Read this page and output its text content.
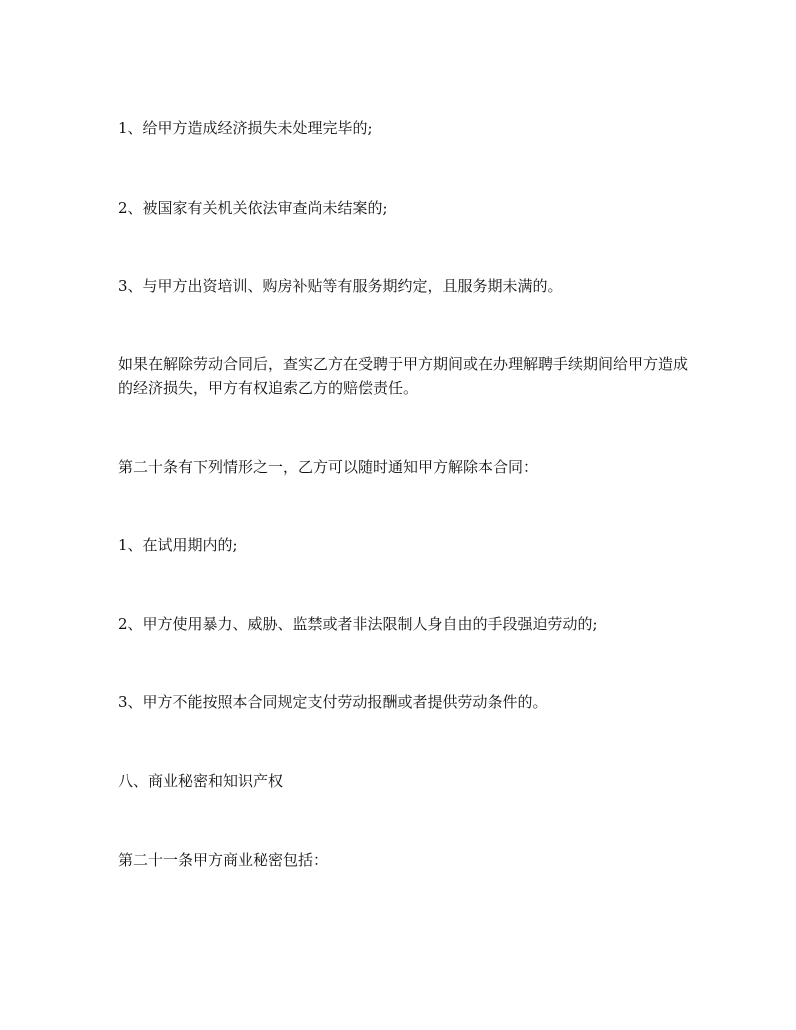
1、给甲方造成经济损失未处理完毕的;

2、被国家有关机关依法审查尚未结案的;

3、与甲方出资培训、购房补贴等有服务期约定，且服务期未满的。

如果在解除劳动合同后，查实乙方在受聘于甲方期间或在办理解聘手续期间给甲方造成的经济损失，甲方有权追索乙方的赔偿责任。

第二十条有下列情形之一，乙方可以随时通知甲方解除本合同：

1、在试用期内的;

2、甲方使用暴力、威胁、监禁或者非法限制人身自由的手段强迫劳动的;

3、甲方不能按照本合同规定支付劳动报酬或者提供劳动条件的。

八、商业秘密和知识产权

第二十一条甲方商业秘密包括：
